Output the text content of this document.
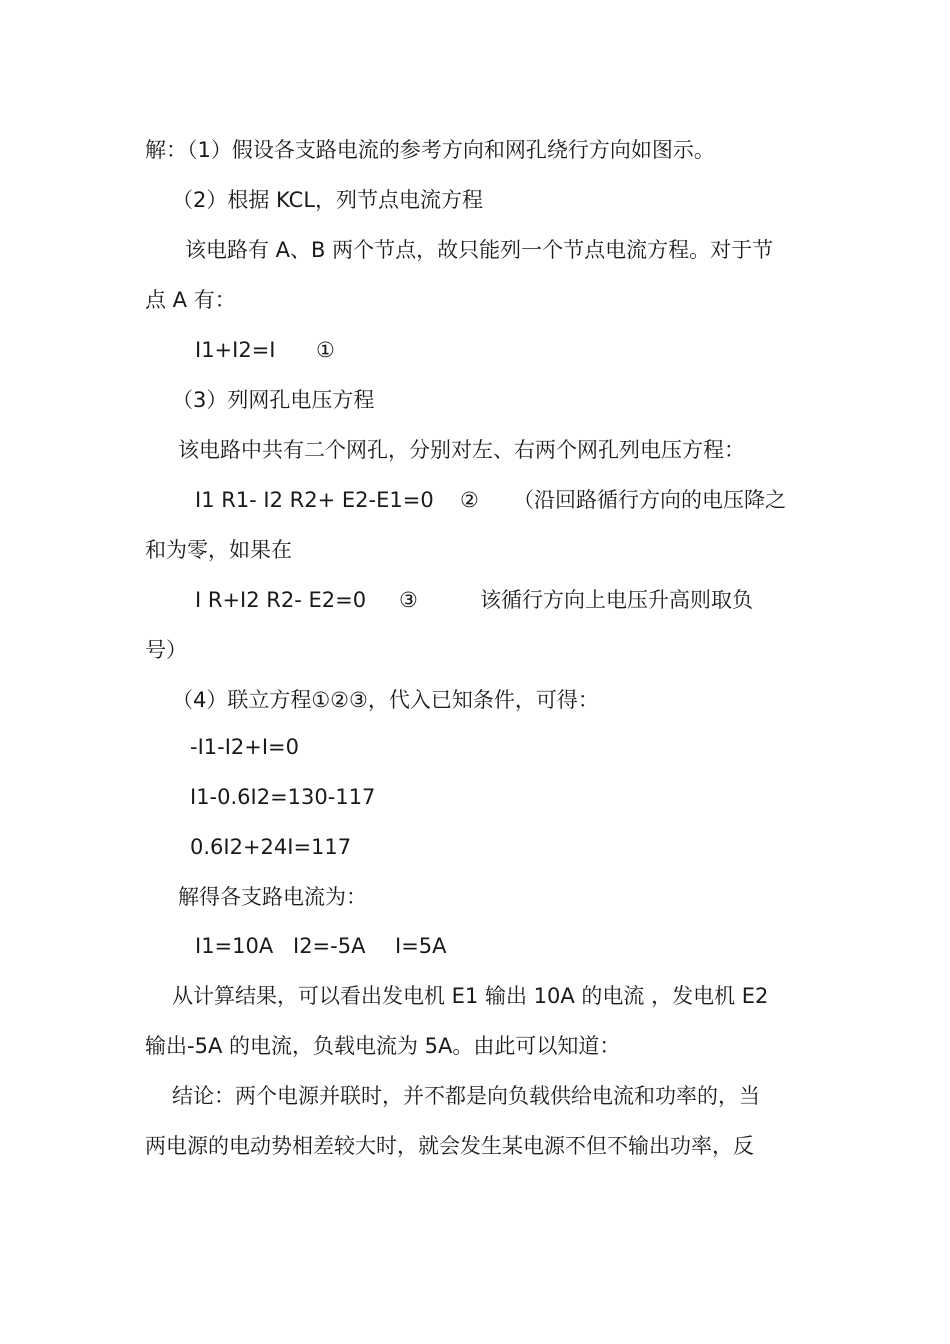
解：（1）假设各支路电流的参考方向和网孔绕行方向如图示。
（2）根据 KCL，列节点电流方程
该电路有 A、B 两个节点，故只能列一个节点电流方程。对于节
点 A 有：
I1+I2=I ①
（3）列网孔电压方程
该电路中共有二个网孔，分别对左、右两个网孔列电压方程：
I1 R1- I2 R2+ E2-E1=0 ② （沿回路循行方向的电压降之
和为零，如果在
I R+I2 R2- E2=0 ③	该循行方向上电压升高则取负
号）
（4）联立方程①②③，代入已知条件，可得：
-I1-I2+I=0
I1-0.6I2=130-117
0.6I2+24I=117
解得各支路电流为：
I1=10A I2=-5A I=5A
从计算结果，可以看出发电机 E1 输出 10A 的电流 ，发电机 E2
输出-5A 的电流，负载电流为 5A。由此可以知道：
结论：两个电源并联时，并不都是向负载供给电流和功率的，当
两电源的电动势相差较大时，就会发生某电源不但不输出功率，反
